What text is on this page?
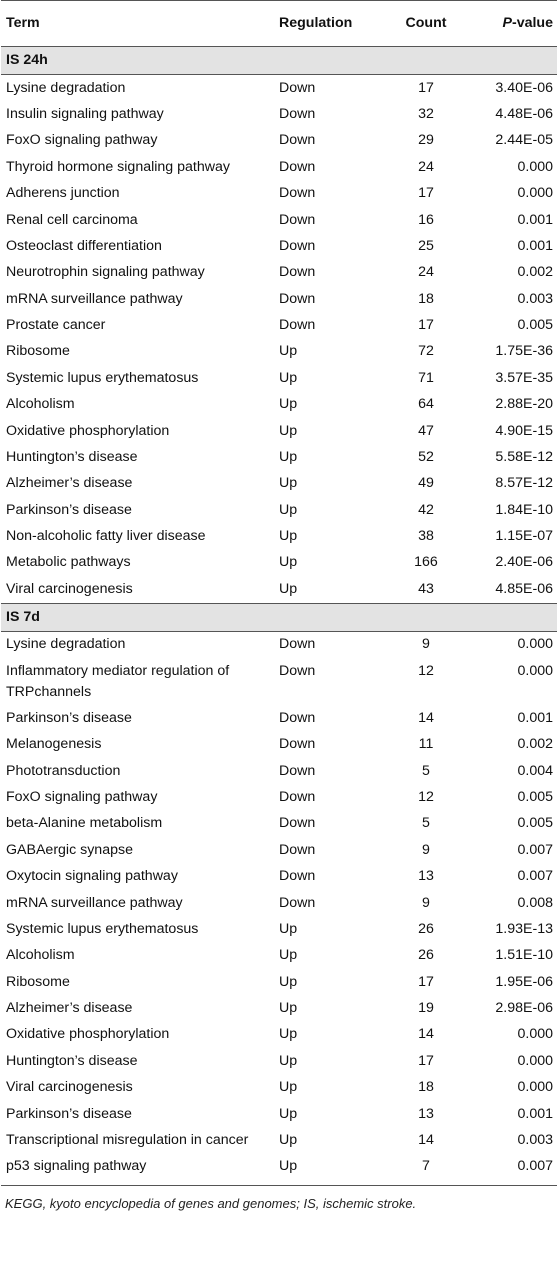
Term	Regulation	Count	P-value
IS 24h			
Lysine degradation	Down	17	3.40E-06
Insulin signaling pathway	Down	32	4.48E-06
FoxO signaling pathway	Down	29	2.44E-05
Thyroid hormone signaling pathway	Down	24	0.000
Adherens junction	Down	17	0.000
Renal cell carcinoma	Down	16	0.001
Osteoclast differentiation	Down	25	0.001
Neurotrophin signaling pathway	Down	24	0.002
mRNA surveillance pathway	Down	18	0.003
Prostate cancer	Down	17	0.005
Ribosome	Up	72	1.75E-36
Systemic lupus erythematosus	Up	71	3.57E-35
Alcoholism	Up	64	2.88E-20
Oxidative phosphorylation	Up	47	4.90E-15
Huntington’s disease	Up	52	5.58E-12
Alzheimer’s disease	Up	49	8.57E-12
Parkinson’s disease	Up	42	1.84E-10
Non-alcoholic fatty liver disease	Up	38	1.15E-07
Metabolic pathways	Up	166	2.40E-06
Viral carcinogenesis	Up	43	4.85E-06
IS 7d			
Lysine degradation	Down	9	0.000
Inflammatory mediator regulation of TRPchannels	Down	12	0.000
Parkinson’s disease	Down	14	0.001
Melanogenesis	Down	11	0.002
Phototransduction	Down	5	0.004
FoxO signaling pathway	Down	12	0.005
beta-Alanine metabolism	Down	5	0.005
GABAergic synapse	Down	9	0.007
Oxytocin signaling pathway	Down	13	0.007
mRNA surveillance pathway	Down	9	0.008
Systemic lupus erythematosus	Up	26	1.93E-13
Alcoholism	Up	26	1.51E-10
Ribosome	Up	17	1.95E-06
Alzheimer’s disease	Up	19	2.98E-06
Oxidative phosphorylation	Up	14	0.000
Huntington’s disease	Up	17	0.000
Viral carcinogenesis	Up	18	0.000
Parkinson’s disease	Up	13	0.001
Transcriptional misregulation in cancer	Up	14	0.003
p53 signaling pathway	Up	7	0.007
KEGG, kyoto encyclopedia of genes and genomes; IS, ischemic stroke.
